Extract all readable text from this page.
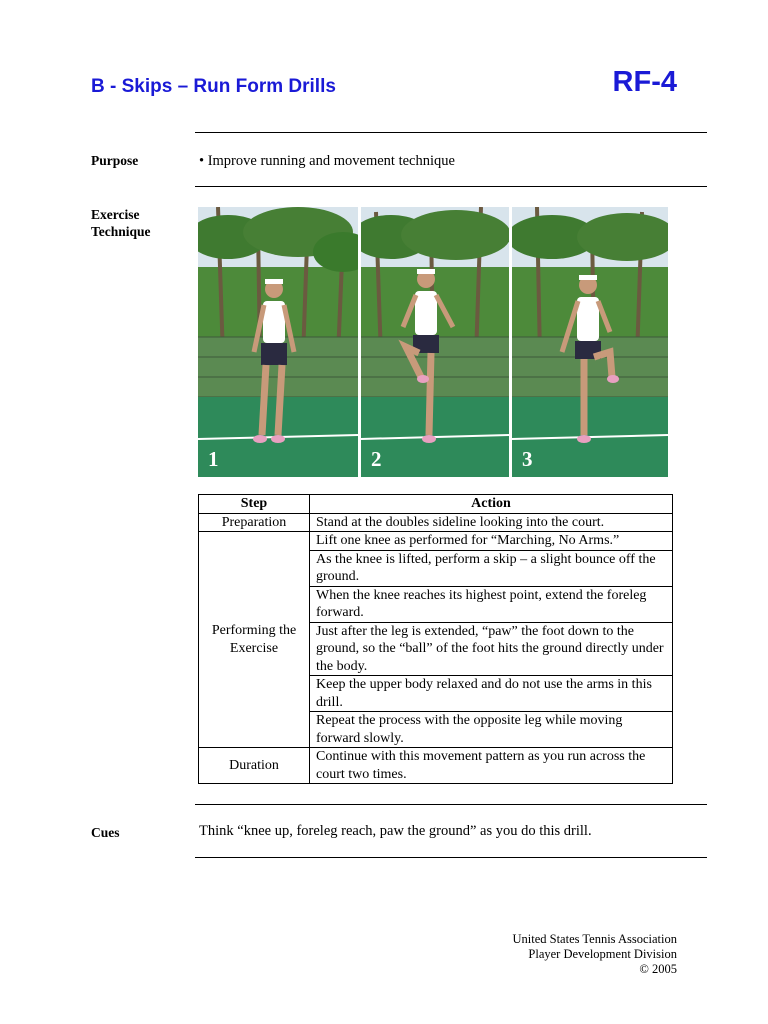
B - Skips – Run Form Drills	RF-4
Purpose	• Improve running and movement technique
Exercise
Technique
1	2	3
Step	Action
Preparation	Stand at the doubles sideline looking into the court.
Performing the Exercise	Lift one knee as performed for “Marching, No Arms.”
	As the knee is lifted, perform a skip – a slight bounce off the ground.
	When the knee reaches its highest point, extend the foreleg forward.
	Just after the leg is extended, “paw” the foot down to the ground, so the “ball” of the foot hits the ground directly under the body.
	Keep the upper body relaxed and do not use the arms in this drill.
	Repeat the process with the opposite leg while moving forward slowly.
Duration	Continue with this movement pattern as you run across the court two times.
Cues	Think “knee up, foreleg reach, paw the ground” as you do this drill.
United States Tennis Association
Player Development Division
© 2005
